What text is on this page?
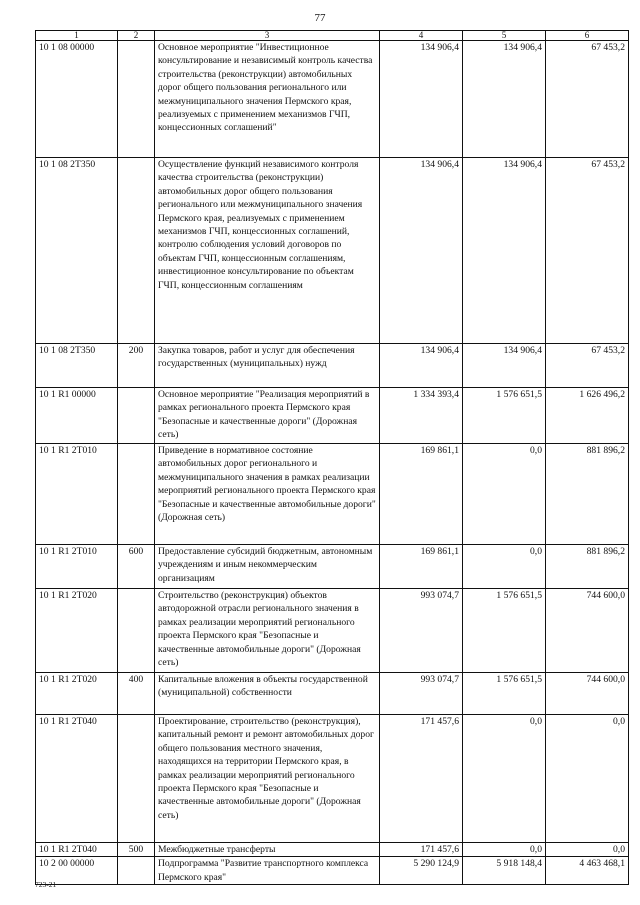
77
1	2	3	4	5	6
10 1 08 00000		Основное мероприятие "Инвестиционное консультирование и независимый контроль качества строительства (реконструкции) автомобильных дорог общего пользования регионального или межмуниципального значения Пермского края, реализуемых с применением механизмов ГЧП, концессионных соглашений"	134 906,4	134 906,4	67 453,2
10 1 08 2T350		Осуществление функций независимого контроля качества строительства (реконструкции) автомобильных дорог общего пользования регионального или межмуниципального значения Пермского края, реализуемых с применением механизмов ГЧП, концессионных соглашений, контролю соблюдения условий договоров по объектам ГЧП, концессионным соглашениям, инвестиционное консультирование по объектам ГЧП, концессионным соглашениям	134 906,4	134 906,4	67 453,2
10 1 08 2T350	200	Закупка товаров, работ и услуг для обеспечения государственных (муниципальных) нужд	134 906,4	134 906,4	67 453,2
10 1 R1 00000		Основное мероприятие "Реализация мероприятий в рамках регионального проекта Пермского края "Безопасные и качественные дороги" (Дорожная сеть)	1 334 393,4	1 576 651,5	1 626 496,2
10 1 R1 2T010		Приведение в нормативное состояние автомобильных дорог регионального и межмуниципального значения в рамках реализации мероприятий регионального проекта Пермского края "Безопасные и качественные автомобильные дороги" (Дорожная сеть)	169 861,1	0,0	881 896,2
10 1 R1 2T010	600	Предоставление субсидий бюджетным, автономным учреждениям и иным некоммерческим организациям	169 861,1	0,0	881 896,2
10 1 R1 2T020		Строительство (реконструкция) объектов автодорожной отрасли регионального значения в рамках реализации мероприятий регионального проекта Пермского края "Безопасные и качественные автомобильные дороги" (Дорожная сеть)	993 074,7	1 576 651,5	744 600,0
10 1 R1 2T020	400	Капитальные вложения в объекты государственной (муниципальной) собственности	993 074,7	1 576 651,5	744 600,0
10 1 R1 2T040		Проектирование, строительство (реконструкция), капитальный ремонт и ремонт автомобильных дорог общего пользования местного значения, находящихся на территории Пермского края, в рамках реализации мероприятий регионального проекта Пермского края "Безопасные и качественные автомобильные дороги" (Дорожная сеть)	171 457,6	0,0	0,0
10 1 R1 2T040	500	Межбюджетные трансферты	171 457,6	0,0	0,0
10 2 00 00000		Подпрограмма "Развитие транспортного комплекса Пермского края"	5 290 124,9	5 918 148,4	4 463 468,1
723-21
